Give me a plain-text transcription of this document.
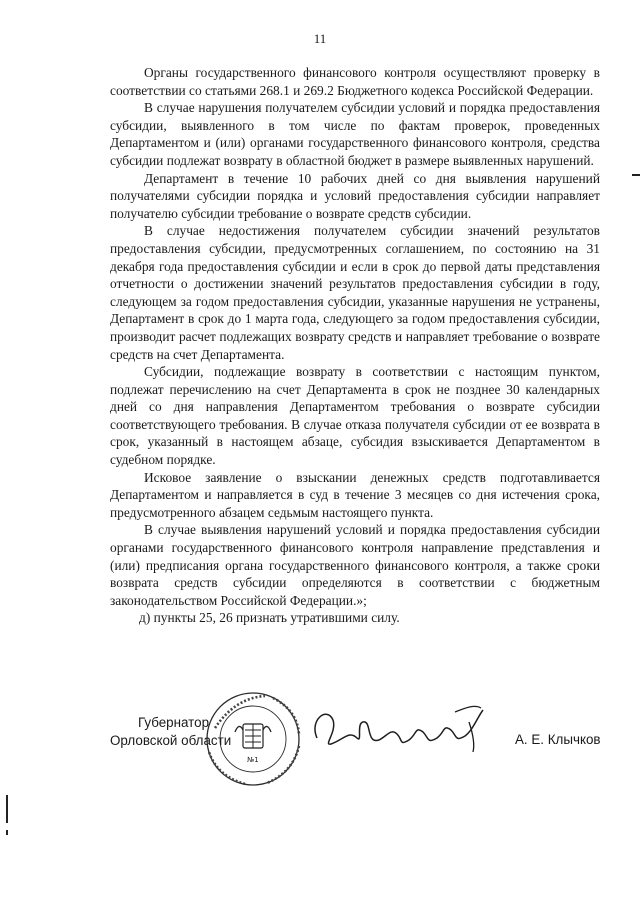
11

Органы государственного финансового контроля осуществляют проверку в соответствии со статьями 268.1 и 269.2 Бюджетного кодекса Российской Федерации.

В случае нарушения получателем субсидии условий и порядка предоставления субсидии, выявленного в том числе по фактам проверок, проведенных Департаментом и (или) органами государственного финансового контроля, средства субсидии подлежат возврату в областной бюджет в размере выявленных нарушений.

Департамент в течение 10 рабочих дней со дня выявления нарушений получателями субсидии порядка и условий предоставления субсидии направляет получателю субсидии требование о возврате средств субсидии.

В случае недостижения получателем субсидии значений результатов предоставления субсидии, предусмотренных соглашением, по состоянию на 31 декабря года предоставления субсидии и если в срок до первой даты представления отчетности о достижении значений результатов предоставления субсидии в году, следующем за годом предоставления субсидии, указанные нарушения не устранены, Департамент в срок до 1 марта года, следующего за годом предоставления субсидии, производит расчет подлежащих возврату средств и направляет требование о возврате средств на счет Департамента.

Субсидии, подлежащие возврату в соответствии с настоящим пунктом, подлежат перечислению на счет Департамента в срок не позднее 30 календарных дней со дня направления Департаментом требования о возврате субсидии соответствующего требования. В случае отказа получателя субсидии от ее возврата в срок, указанный в настоящем абзаце, субсидия взыскивается Департаментом в судебном порядке.

Исковое заявление о взыскании денежных средств подготавливается Департаментом и направляется в суд в течение 3 месяцев со дня истечения срока, предусмотренного абзацем седьмым настоящего пункта.

В случае выявления нарушений условий и порядка предоставления субсидии органами государственного финансового контроля направление представления и (или) предписания органа государственного финансового контроля, а также сроки возврата средств субсидии определяются в соответствии с бюджетным законодательством Российской Федерации.»;

д) пункты 25, 26 признать утратившими силу.

№1
Губернатор
Орловской области	А. Е. Клычков
